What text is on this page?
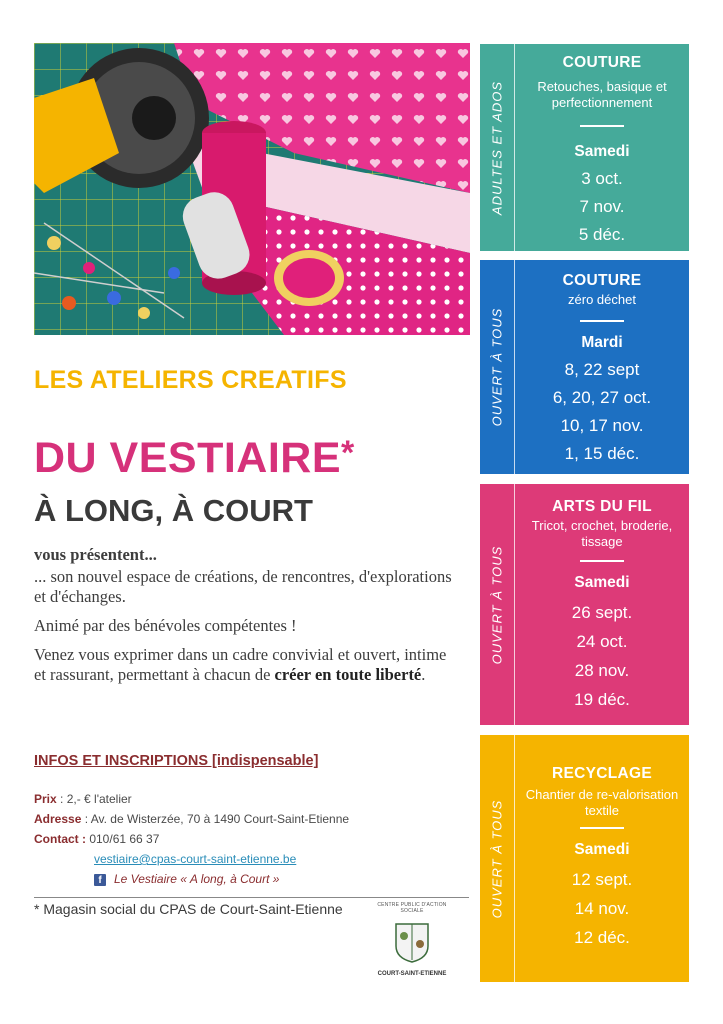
LES ATELIERS CREATIFS
DU VESTIAIRE*
À LONG, À COURT

vous présentent...

... son nouvel espace de créations, de rencontres, d'explorations et d'échanges.

Animé par des bénévoles compétentes !

Venez vous exprimer dans un cadre convivial et ouvert, intime et rassurant, permettant à chacun de créer en toute liberté.

INFOS ET INSCRIPTIONS [indispensable]
Prix : 2,- € l'atelier
Adresse : Av. de Wisterzée, 70 à 1490 Court-Saint-Etienne
Contact : 010/61 66 37
vestiaire@cpas-court-saint-etienne.be
f Le Vestiaire « A long, à Court »
* Magasin social du CPAS de Court-Saint-Etienne	CENTRE PUBLIC D'ACTION SOCIALE
COURT-SAINT-ETIENNE
ADULTES ET ADOS
COUTURE
Retouches, basique et perfectionnement
Samedi
3 oct.
7 nov.
5 déc.
OUVERT À TOUS
COUTURE
zéro déchet
Mardi
8, 22 sept
6, 20, 27 oct.
10, 17 nov.
1, 15 déc.
OUVERT À TOUS
ARTS DU FIL
Tricot, crochet, broderie, tissage
Samedi
26 sept.
24 oct.
28 nov.
19 déc.
OUVERT À TOUS
RECYCLAGE
Chantier de re-valorisation textile
Samedi
12 sept.
14 nov.
12 déc.
